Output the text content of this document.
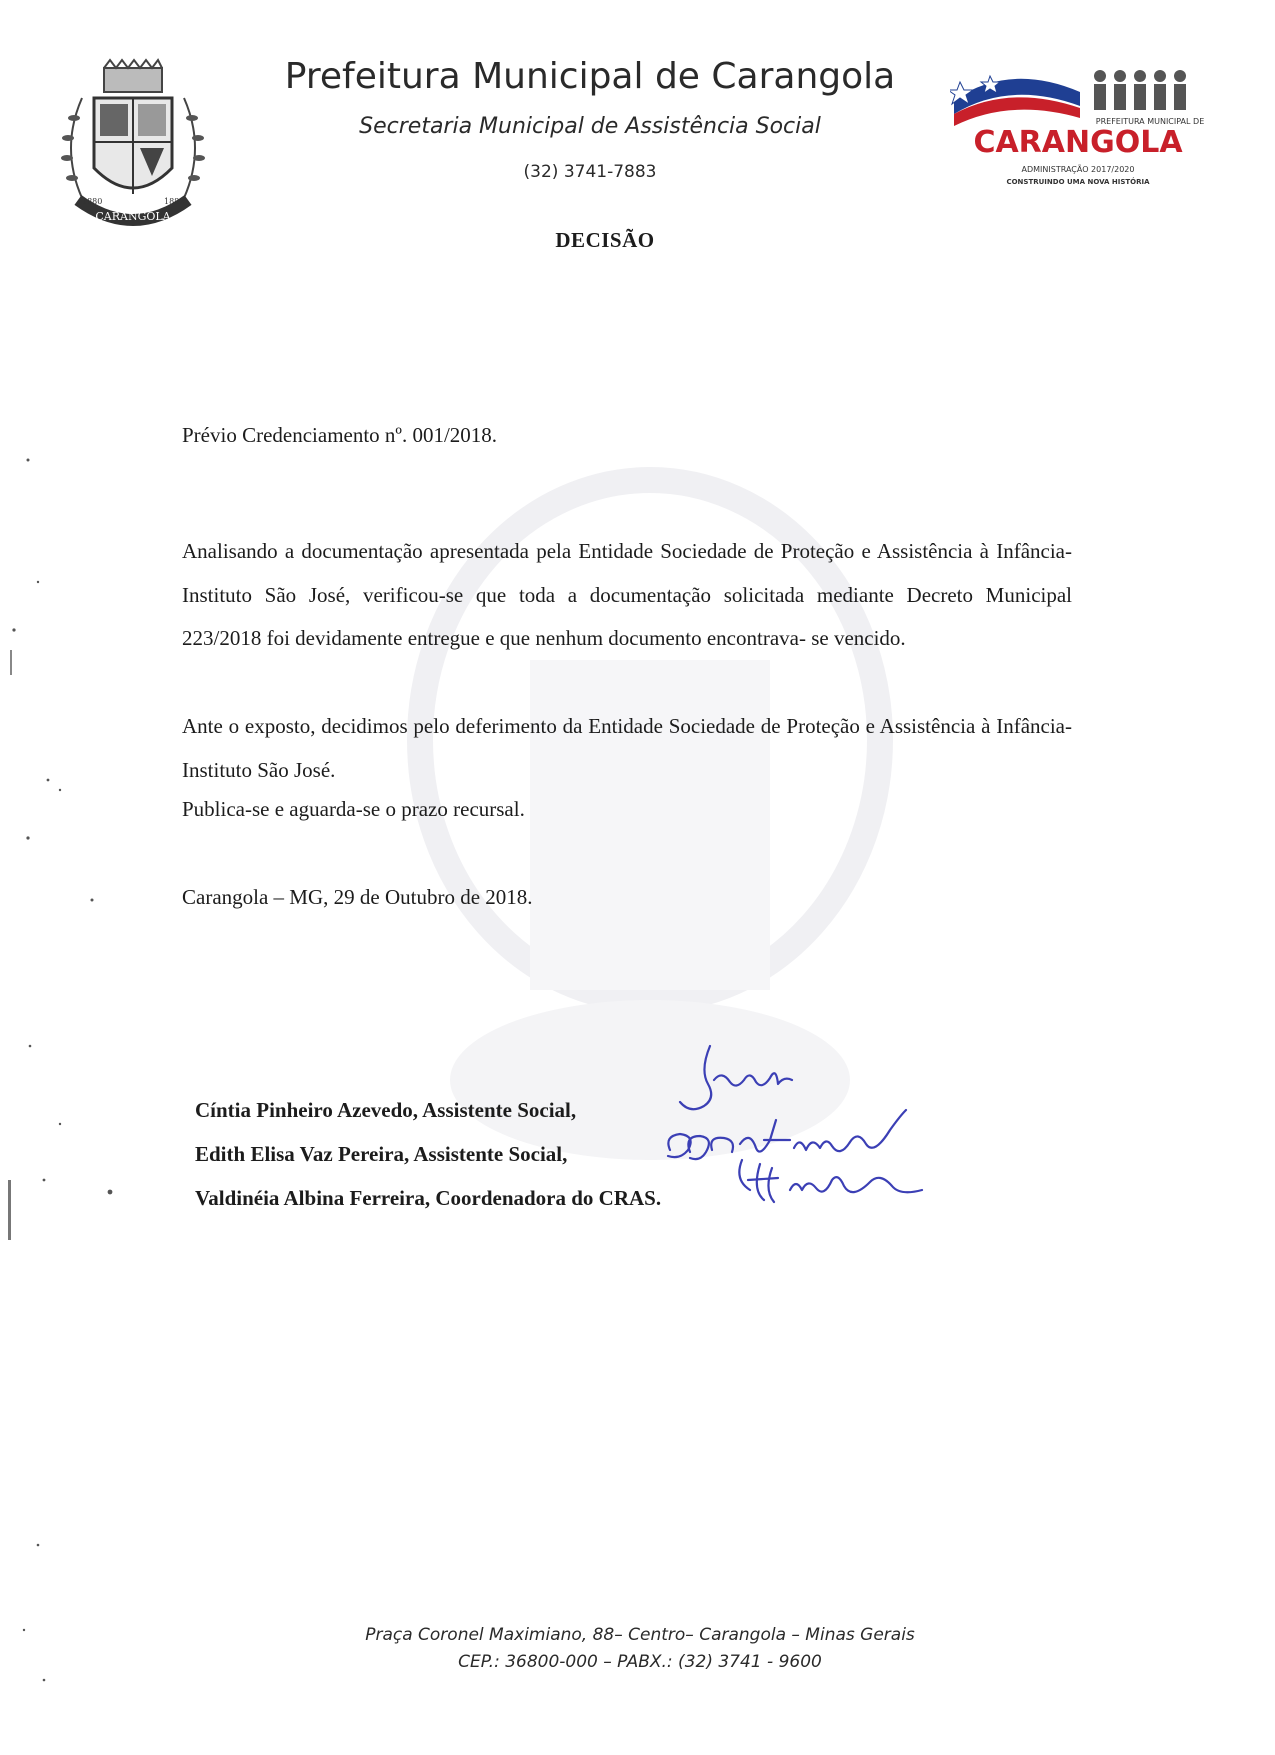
CARANGOLA
1880	1882
Prefeitura Municipal de Carangola
Secretaria Municipal de Assistência Social
(32) 3741-7883
PREFEITURA MUNICIPAL DE
CARANGOLA
ADMINISTRAÇÃO 2017/2020
CONSTRUINDO UMA NOVA HISTÓRIA
DECISÃO
Prévio Credenciamento nº. 001/2018.
Analisando a documentação apresentada pela Entidade Sociedade de Proteção e Assistência à Infância- Instituto São José, verificou-se que toda a documentação solicitada mediante Decreto Municipal 223/2018 foi devidamente entregue e que nenhum documento encontrava- se vencido.
Ante o exposto, decidimos pelo deferimento da Entidade Sociedade de Proteção e Assistência à Infância- Instituto São José.
Publica-se e aguarda-se o prazo recursal.
Carangola – MG, 29 de Outubro de 2018.
Cíntia Pinheiro Azevedo, Assistente Social,
Edith Elisa Vaz Pereira, Assistente Social,
Valdinéia Albina Ferreira, Coordenadora do CRAS.
Praça Coronel Maximiano, 88– Centro– Carangola – Minas Gerais
CEP.: 36800-000 – PABX.: (32) 3741 - 9600
